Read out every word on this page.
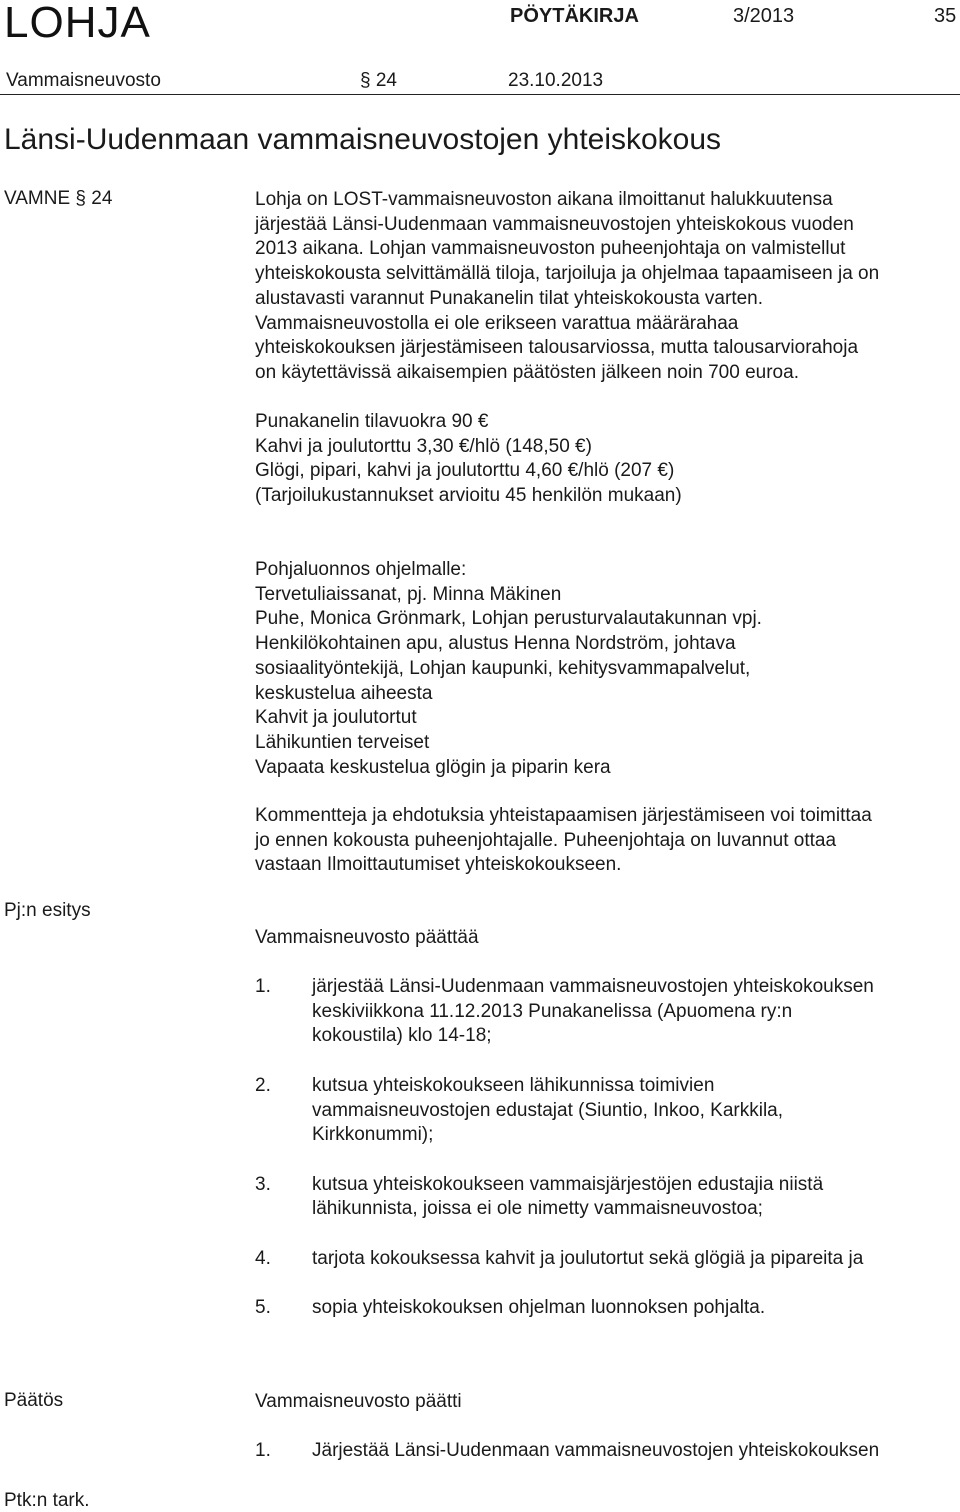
LOHJA	PÖYTÄKIRJA	3/2013	35
Vammaisneuvosto	§ 24	23.10.2013
Länsi-Uudenmaan vammaisneuvostojen yhteiskokous
VAMNE § 24
Pj:n esitys
Päätös
Ptk:n tark.
Lohja on LOST-vammaisneuvoston aikana ilmoittanut halukkuutensa
järjestää Länsi-Uudenmaan vammaisneuvostojen yhteiskokous vuoden
2013 aikana. Lohjan vammaisneuvoston puheenjohtaja on valmistellut
yhteiskokousta selvittämällä tiloja, tarjoiluja ja ohjelmaa tapaamiseen ja on
alustavasti varannut Punakanelin tilat yhteiskokousta varten.
Vammaisneuvostolla ei ole erikseen varattua määrärahaa
yhteiskokouksen järjestämiseen talousarviossa, mutta talousarviorahoja
on käytettävissä aikaisempien päätösten jälkeen noin 700 euroa.
Punakanelin tilavuokra 90 €
Kahvi ja joulutorttu 3,30 €/hlö (148,50 €)
Glögi, pipari, kahvi ja joulutorttu 4,60 €/hlö (207 €)
(Tarjoilukustannukset arvioitu 45 henkilön mukaan)
Pohjaluonnos ohjelmalle:
Tervetuliaissanat, pj. Minna Mäkinen
Puhe, Monica Grönmark, Lohjan perusturvalautakunnan vpj.
Henkilökohtainen apu, alustus Henna Nordström, johtava
sosiaalityöntekijä, Lohjan kaupunki, kehitysvammapalvelut,
keskustelua aiheesta
Kahvit ja joulutortut
Lähikuntien terveiset
Vapaata keskustelua glögin ja piparin kera
Kommentteja ja ehdotuksia yhteistapaamisen järjestämiseen voi toimittaa
jo ennen kokousta puheenjohtajalle. Puheenjohtaja on luvannut ottaa
vastaan Ilmoittautumiset yhteiskokoukseen.
Vammaisneuvosto päättää
1. järjestää Länsi-Uudenmaan vammaisneuvostojen yhteiskokouksen
keskiviikkona 11.12.2013 Punakanelissa (Apuomena ry:n
kokoustila) klo 14-18;
2. kutsua yhteiskokoukseen lähikunnissa toimivien
vammaisneuvostojen edustajat (Siuntio, Inkoo, Karkkila,
Kirkkonummi);
3. kutsua yhteiskokoukseen vammaisjärjestöjen edustajia niistä
lähikunnista, joissa ei ole nimetty vammaisneuvostoa;
4. tarjota kokouksessa kahvit ja joulutortut sekä glögiä ja pipareita ja
5. sopia yhteiskokouksen ohjelman luonnoksen pohjalta.
Vammaisneuvosto päätti
1. Järjestää Länsi-Uudenmaan vammaisneuvostojen yhteiskokouksen
